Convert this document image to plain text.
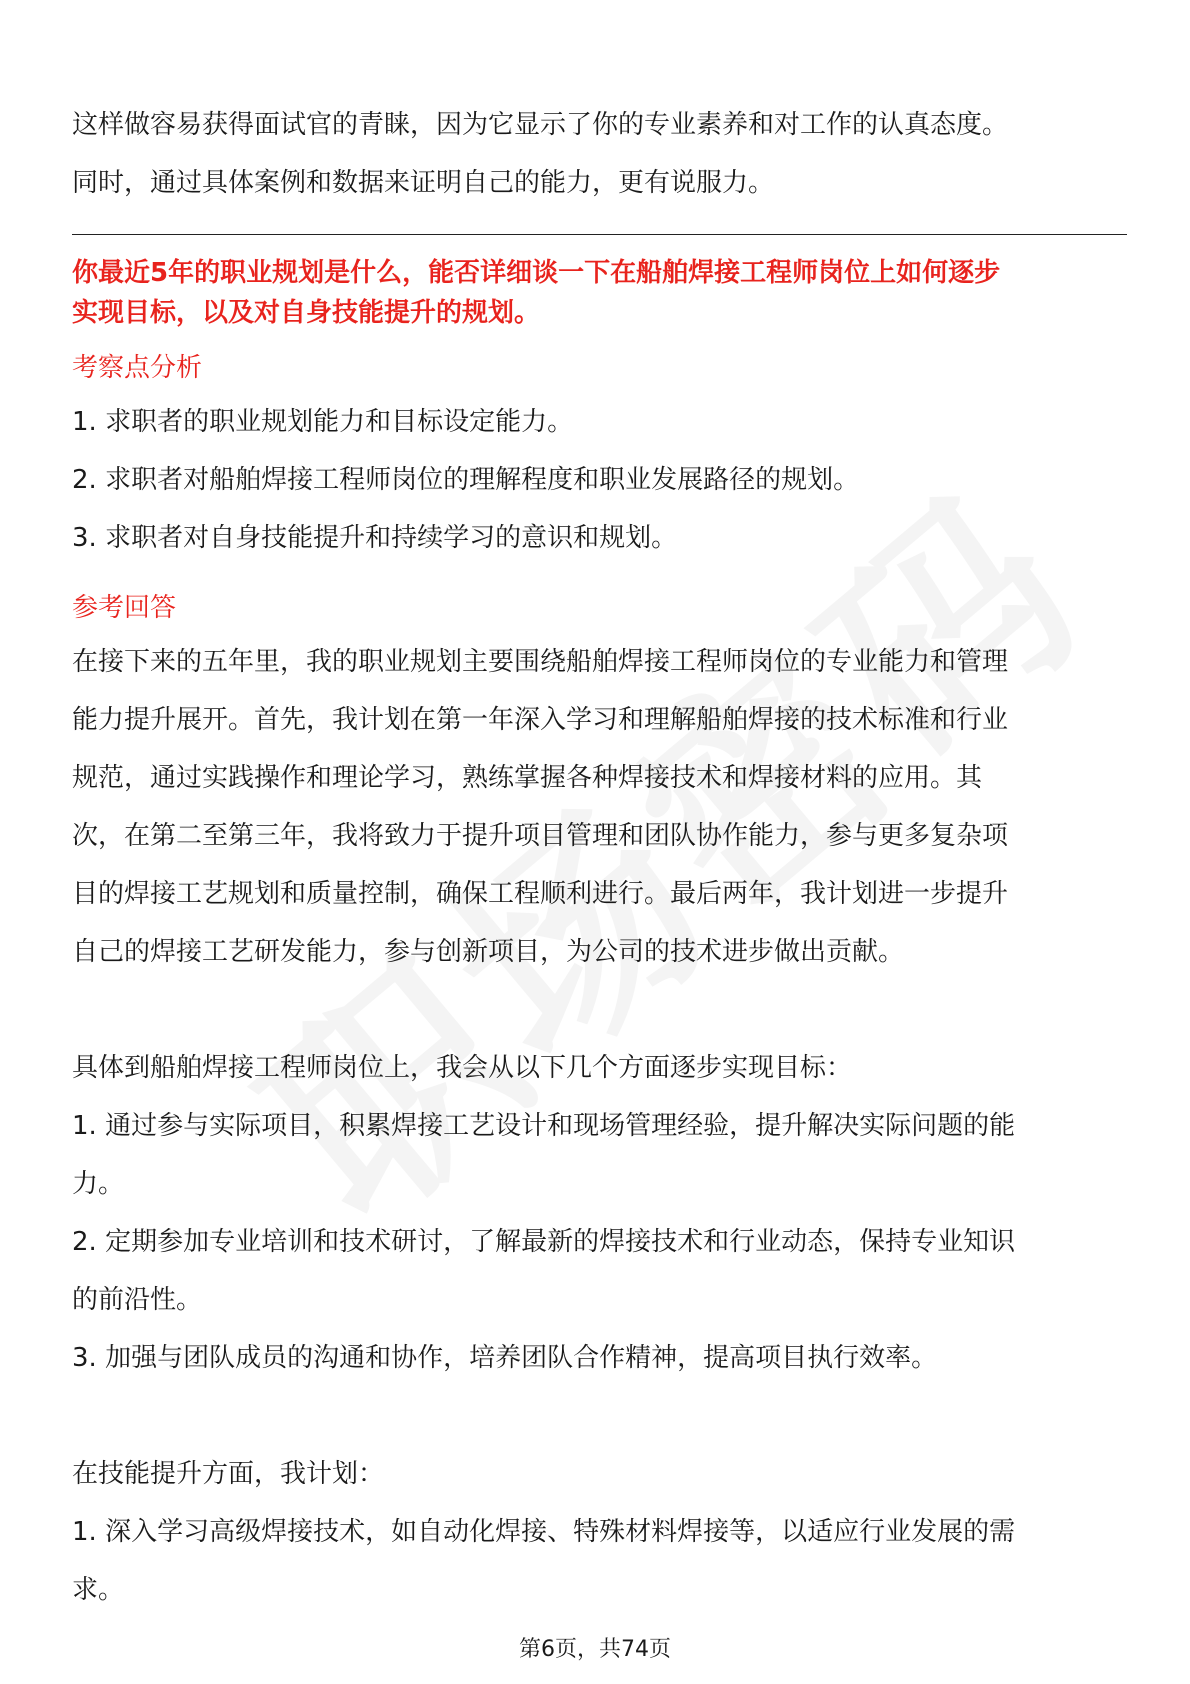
这样做容易获得面试官的青睐，因为它显示了你的专业素养和对工作的认真态度。

同时，通过具体案例和数据来证明自己的能力，更有说服力。

你最近5年的职业规划是什么，能否详细谈一下在船舶焊接工程师岗位上如何逐步

实现目标，以及对自身技能提升的规划。

考察点分析

1. 求职者的职业规划能力和目标设定能力。

2. 求职者对船舶焊接工程师岗位的理解程度和职业发展路径的规划。

3. 求职者对自身技能提升和持续学习的意识和规划。

参考回答

在接下来的五年里，我的职业规划主要围绕船舶焊接工程师岗位的专业能力和管理

能力提升展开。首先，我计划在第一年深入学习和理解船舶焊接的技术标准和行业

规范，通过实践操作和理论学习，熟练掌握各种焊接技术和焊接材料的应用。其

次，在第二至第三年，我将致力于提升项目管理和团队协作能力，参与更多复杂项

目的焊接工艺规划和质量控制，确保工程顺利进行。最后两年，我计划进一步提升

自己的焊接工艺研发能力，参与创新项目，为公司的技术进步做出贡献。

具体到船舶焊接工程师岗位上，我会从以下几个方面逐步实现目标：

1. 通过参与实际项目，积累焊接工艺设计和现场管理经验，提升解决实际问题的能

力。

2. 定期参加专业培训和技术研讨，了解最新的焊接技术和行业动态，保持专业知识

的前沿性。

3. 加强与团队成员的沟通和协作，培养团队合作精神，提高项目执行效率。

在技能提升方面，我计划：

1. 深入学习高级焊接技术，如自动化焊接、特殊材料焊接等，以适应行业发展的需

求。

第6页，共74页
